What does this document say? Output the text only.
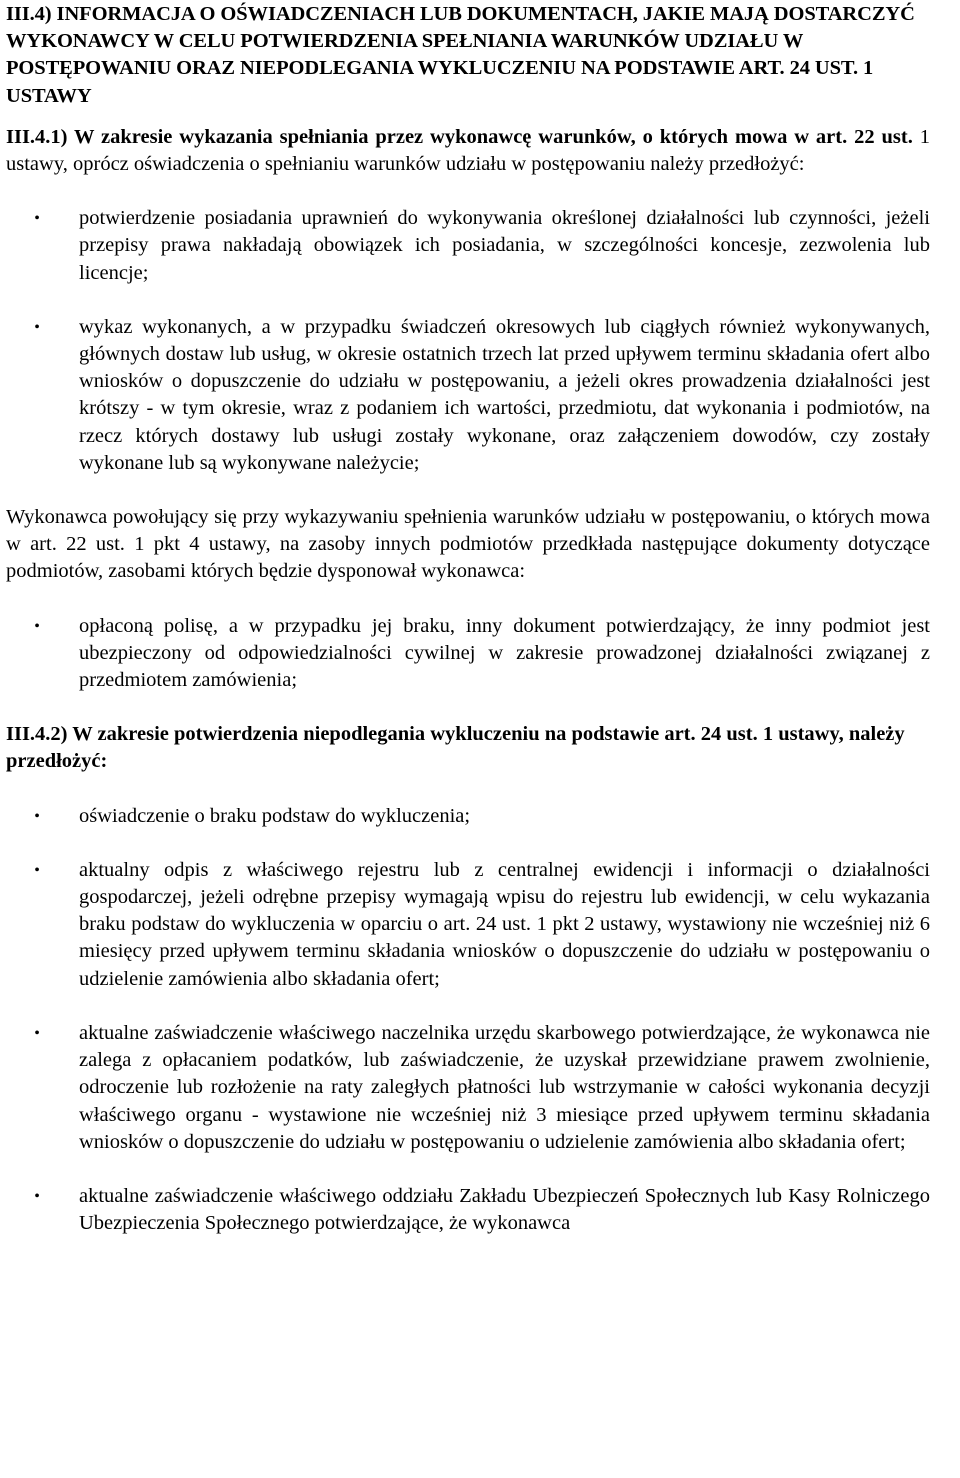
III.4) INFORMACJA O OŚWIADCZENIACH LUB DOKUMENTACH, JAKIE MAJĄ DOSTARCZYĆ WYKONAWCY W CELU POTWIERDZENIA SPEŁNIANIA WARUNKÓW UDZIAŁU W POSTĘPOWANIU ORAZ NIEPODLEGANIA WYKLUCZENIU NA PODSTAWIE ART. 24 UST. 1 USTAWY

III.4.1) W zakresie wykazania spełniania przez wykonawcę warunków, o których mowa w art. 22 ust. 1 ustawy, oprócz oświadczenia o spełnianiu warunków udziału w postępowaniu należy przedłożyć:

• potwierdzenie posiadania uprawnień do wykonywania określonej działalności lub czynności, jeżeli przepisy prawa nakładają obowiązek ich posiadania, w szczególności koncesje, zezwolenia lub licencje;
• wykaz wykonanych, a w przypadku świadczeń okresowych lub ciągłych również wykonywanych, głównych dostaw lub usług, w okresie ostatnich trzech lat przed upływem terminu składania ofert albo wniosków o dopuszczenie do udziału w postępowaniu, a jeżeli okres prowadzenia działalności jest krótszy - w tym okresie, wraz z podaniem ich wartości, przedmiotu, dat wykonania i podmiotów, na rzecz których dostawy lub usługi zostały wykonane, oraz załączeniem dowodów, czy zostały wykonane lub są wykonywane należycie;

Wykonawca powołujący się przy wykazywaniu spełnienia warunków udziału w postępowaniu, o których mowa w art. 22 ust. 1 pkt 4 ustawy, na zasoby innych podmiotów przedkłada następujące dokumenty dotyczące podmiotów, zasobami których będzie dysponował wykonawca:

• opłaconą polisę, a w przypadku jej braku, inny dokument potwierdzający, że inny podmiot jest ubezpieczony od odpowiedzialności cywilnej w zakresie prowadzonej działalności związanej z przedmiotem zamówienia;

III.4.2) W zakresie potwierdzenia niepodlegania wykluczeniu na podstawie art. 24 ust. 1 ustawy, należy przedłożyć:

• oświadczenie o braku podstaw do wykluczenia;
• aktualny odpis z właściwego rejestru lub z centralnej ewidencji i informacji o działalności gospodarczej, jeżeli odrębne przepisy wymagają wpisu do rejestru lub ewidencji, w celu wykazania braku podstaw do wykluczenia w oparciu o art. 24 ust. 1 pkt 2 ustawy, wystawiony nie wcześniej niż 6 miesięcy przed upływem terminu składania wniosków o dopuszczenie do udziału w postępowaniu o udzielenie zamówienia albo składania ofert;
• aktualne zaświadczenie właściwego naczelnika urzędu skarbowego potwierdzające, że wykonawca nie zalega z opłacaniem podatków, lub zaświadczenie, że uzyskał przewidziane prawem zwolnienie, odroczenie lub rozłożenie na raty zaległych płatności lub wstrzymanie w całości wykonania decyzji właściwego organu - wystawione nie wcześniej niż 3 miesiące przed upływem terminu składania wniosków o dopuszczenie do udziału w postępowaniu o udzielenie zamówienia albo składania ofert;
• aktualne zaświadczenie właściwego oddziału Zakładu Ubezpieczeń Społecznych lub Kasy Rolniczego Ubezpieczenia Społecznego potwierdzające, że wykonawca
